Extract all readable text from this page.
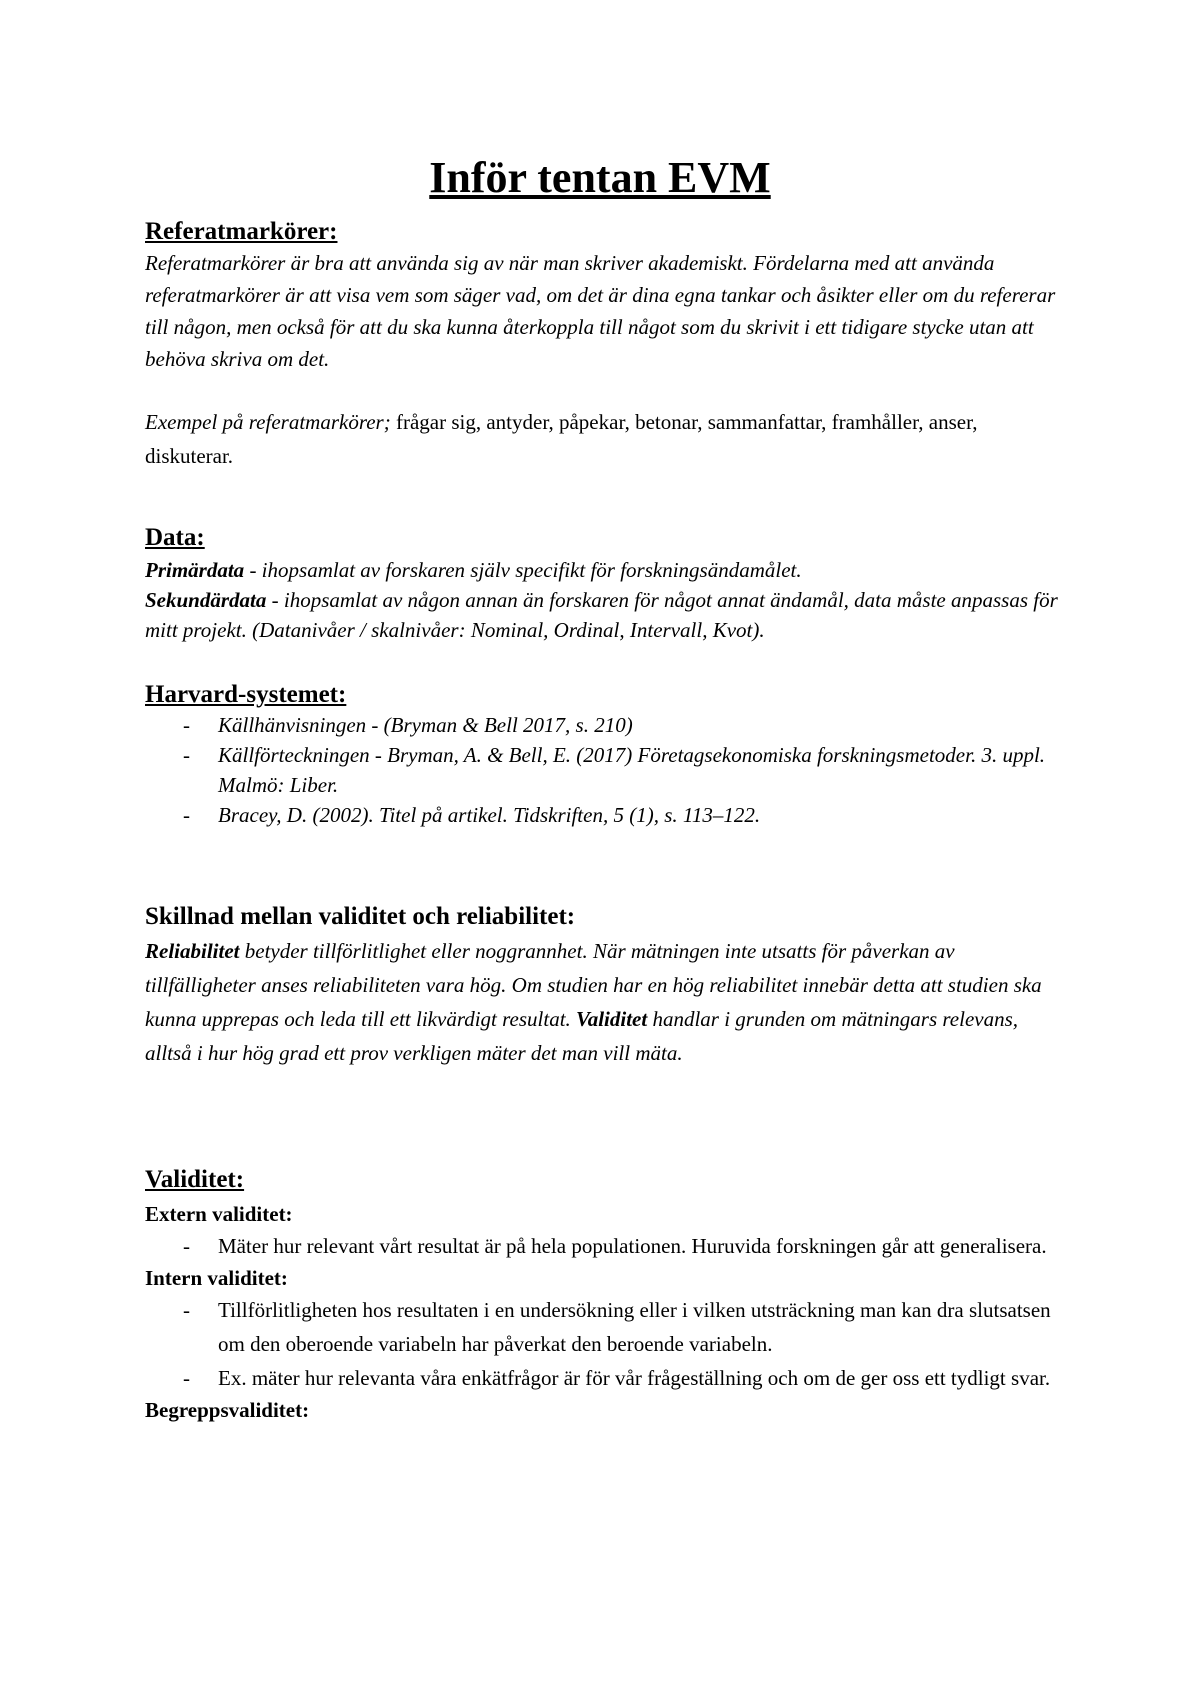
Inför tentan EVM
Referatmarkörer:

Referatmarkörer är bra att använda sig av när man skriver akademiskt. Fördelarna med att använda referatmarkörer är att visa vem som säger vad, om det är dina egna tankar och åsikter eller om du refererar till någon, men också för att du ska kunna återkoppla till något som du skrivit i ett tidigare stycke utan att behöva skriva om det.

Exempel på referatmarkörer; frågar sig, antyder, påpekar, betonar, sammanfattar, framhåller, anser, diskuterar.

Data:

Primärdata - ihopsamlat av forskaren själv specifikt för forskningsändamålet.

Sekundärdata - ihopsamlat av någon annan än forskaren för något annat ändamål, data måste anpassas för mitt projekt. (Datanivåer / skalnivåer: Nominal, Ordinal, Intervall, Kvot).

Harvard-systemet:
- Källhänvisningen - (Bryman & Bell 2017, s. 210)
- Källförteckningen - Bryman, A. & Bell, E. (2017) Företagsekonomiska forskningsmetoder. 3. uppl. Malmö: Liber.
- Bracey, D. (2002). Titel på artikel. Tidskriften, 5 (1), s. 113–122.
Skillnad mellan validitet och reliabilitet:

Reliabilitet betyder tillförlitlighet eller noggrannhet. När mätningen inte utsatts för påverkan av tillfälligheter anses reliabiliteten vara hög. Om studien har en hög reliabilitet innebär detta att studien ska kunna upprepas och leda till ett likvärdigt resultat. Validitet handlar i grunden om mätningars relevans, alltså i hur hög grad ett prov verkligen mäter det man vill mäta.

Validitet:
Extern validitet:
- Mäter hur relevant vårt resultat är på hela populationen. Huruvida forskningen går att generalisera.
Intern validitet:
- Tillförlitligheten hos resultaten i en undersökning eller i vilken utsträckning man kan dra slutsatsen om den oberoende variabeln har påverkat den beroende variabeln.
- Ex. mäter hur relevanta våra enkätfrågor är för vår frågeställning och om de ger oss ett tydligt svar.
Begreppsvaliditet:
